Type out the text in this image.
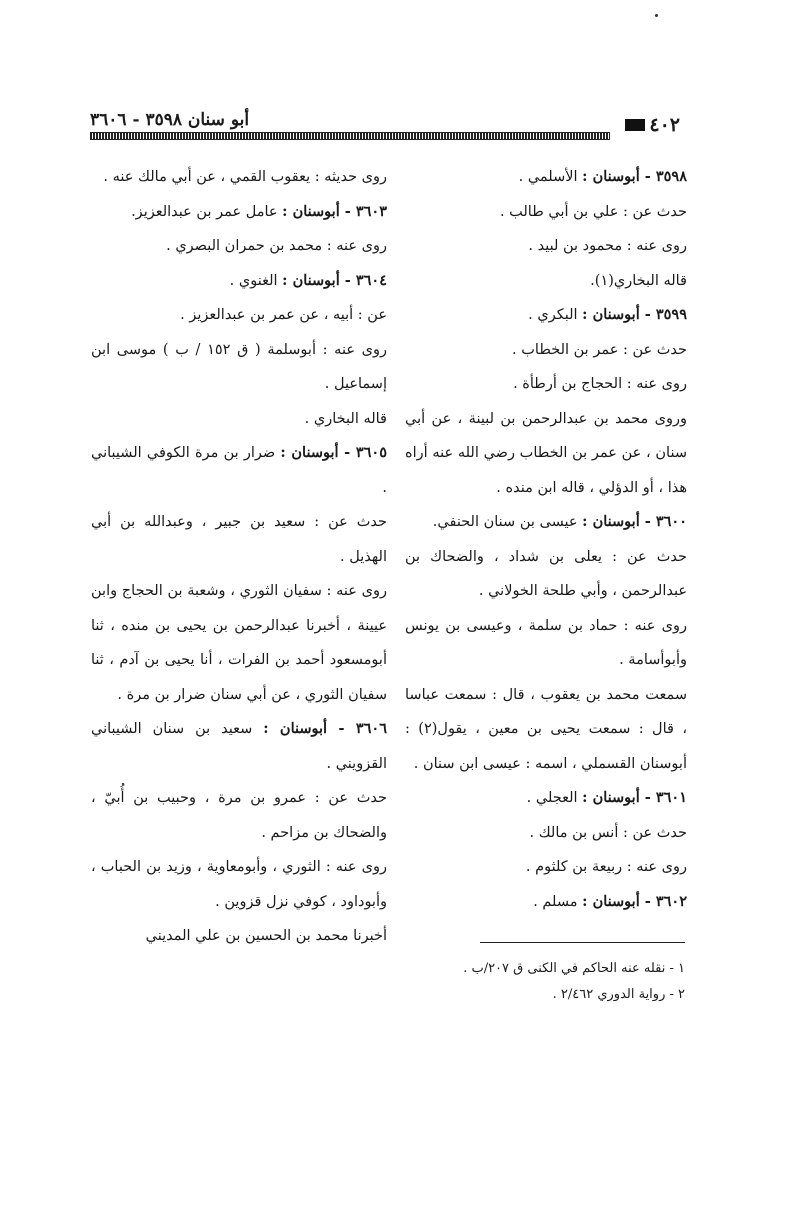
٤٠٢
أبو سنان ٣٥٩٨ - ٣٦٠٦

٣٥٩٨ - أبوسنان : الأسلمي .

حدث عن : علي بن أبي طالب .

روى عنه : محمود بن لبيد .

قاله البخاري(١).

٣٥٩٩ - أبوسنان : البكري .

حدث عن : عمر بن الخطاب .

روى عنه : الحجاج بن أرطأة .

وروى محمد بن عبدالرحمن بن لبينة ، عن أبي سنان ، عن عمر بن الخطاب رضي الله عنه أراه هذا ، أو الدؤلي ، قاله ابن منده .

٣٦٠٠ - أبوسنان : عيسى بن سنان الحنفي.

حدث عن : يعلى بن شداد ، والضحاك بن عبدالرحمن ، وأبي طلحة الخولاني .

روى عنه : حماد بن سلمة ، وعيسى بن يونس وأبوأسامة .

سمعت محمد بن يعقوب ، قال : سمعت عباسا ، قال : سمعت يحيى بن معين ، يقول(٢) : أبوسنان القسملي ، اسمه : عيسى ابن سنان .

٣٦٠١ - أبوسنان : العجلي .

حدث عن : أنس بن مالك .

روى عنه : ربيعة بن كلثوم .

٣٦٠٢ - أبوسنان : مسلم .

روى حديثه : يعقوب القمي ، عن أبي مالك عنه .

٣٦٠٣ - أبوسنان : عامل عمر بن عبدالعزيز.

روى عنه : محمد بن حمران البصري .

٣٦٠٤ - أبوسنان : الغنوي .

عن : أبيه ، عن عمر بن عبدالعزيز .

روى عنه : أبوسلمة ( ق ١٥٢ / ب ) موسى ابن إسماعيل .

قاله البخاري .

٣٦٠٥ - أبوسنان : ضرار بن مرة الكوفي الشيباني .

حدث عن : سعيد بن جبير ، وعبدالله بن أبي الهذيل .

روى عنه : سفيان الثوري ، وشعبة بن الحجاج وابن عيينة ، أخبرنا عبدالرحمن بن يحيى بن منده ، ثنا أبومسعود أحمد بن الفرات ، أنا يحيى بن آدم ، ثنا سفيان الثوري ، عن أبي سنان ضرار بن مرة .

٣٦٠٦ - أبوسنان : سعيد بن سنان الشيباني القزويني .

حدث عن : عمرو بن مرة ، وحبيب بن أُبيّ ، والضحاك بن مزاحم .

روى عنه : الثوري ، وأبومعاوية ، وزيد بن الحباب ، وأبوداود ، كوفي نزل قزوين .

أخبرنا محمد بن الحسين بن علي المديني

١ - نقله عنه الحاكم في الكنى ق ٢٠٧/ب .

٢ - رواية الدوري ٢/٤٦٢ .
